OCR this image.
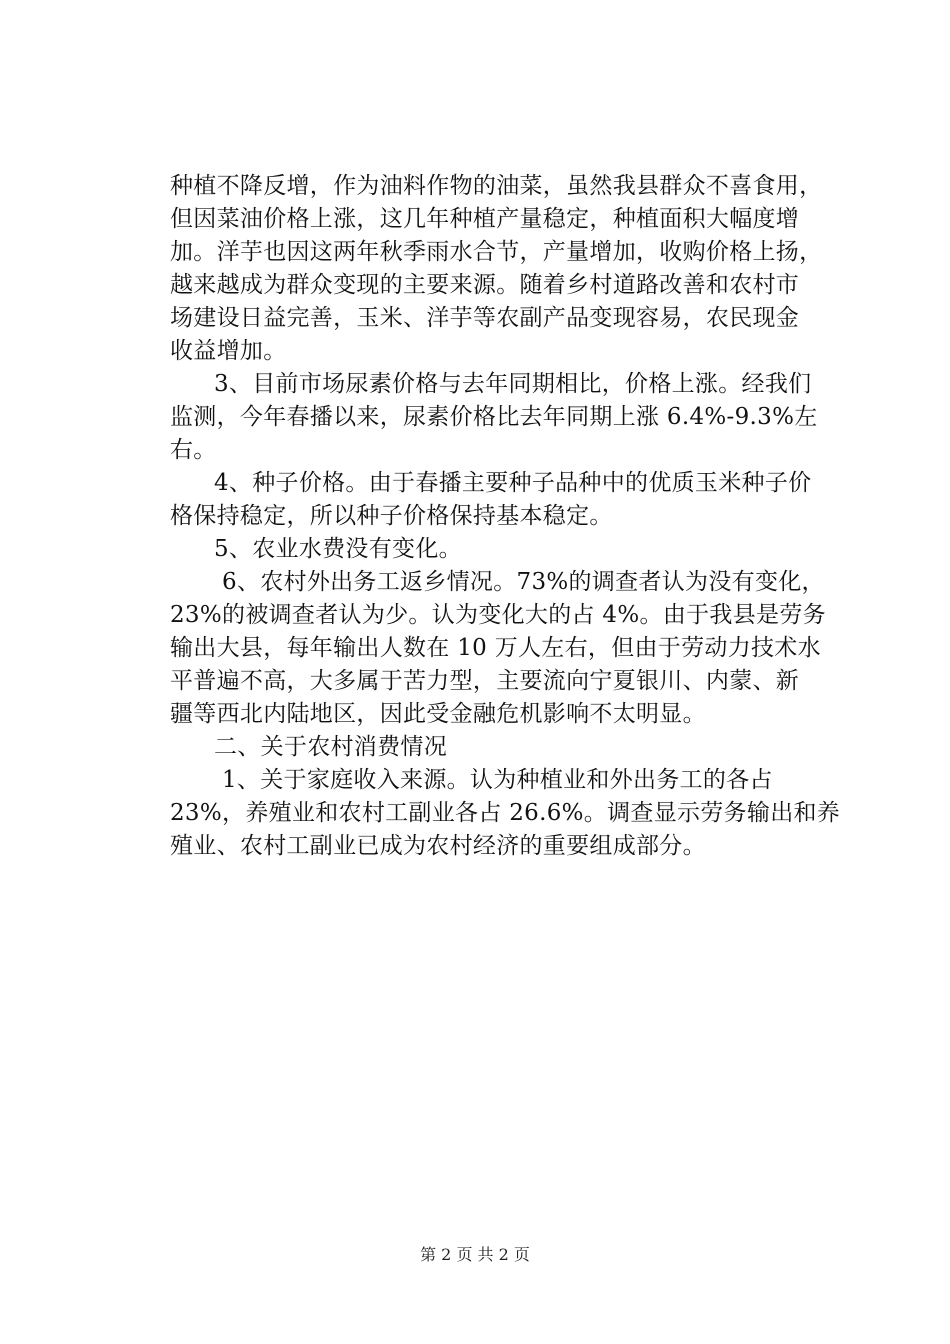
种植不降反增，作为油料作物的油菜，虽然我县群众不喜食用，
但因菜油价格上涨，这几年种植产量稳定，种植面积大幅度增
加。洋芋也因这两年秋季雨水合节，产量增加，收购价格上扬，
越来越成为群众变现的主要来源。随着乡村道路改善和农村市
场建设日益完善，玉米、洋芋等农副产品变现容易，农民现金
收益增加。
3、目前市场尿素价格与去年同期相比，价格上涨。经我们
监测，今年春播以来，尿素价格比去年同期上涨 6.4%-9.3%左
右。
4、种子价格。由于春播主要种子品种中的优质玉米种子价
格保持稳定，所以种子价格保持基本稳定。
5、农业水费没有变化。
6、农村外出务工返乡情况。73%的调查者认为没有变化，
23%的被调查者认为少。认为变化大的占 4%。由于我县是劳务
输出大县，每年输出人数在 10 万人左右，但由于劳动力技术水
平普遍不高，大多属于苦力型，主要流向宁夏银川、内蒙、新
疆等西北内陆地区，因此受金融危机影响不太明显。
二、关于农村消费情况
1、关于家庭收入来源。认为种植业和外出务工的各占
23%，养殖业和农村工副业各占 26.6%。调查显示劳务输出和养
殖业、农村工副业已成为农村经济的重要组成部分。
第 2 页 共 2 页
